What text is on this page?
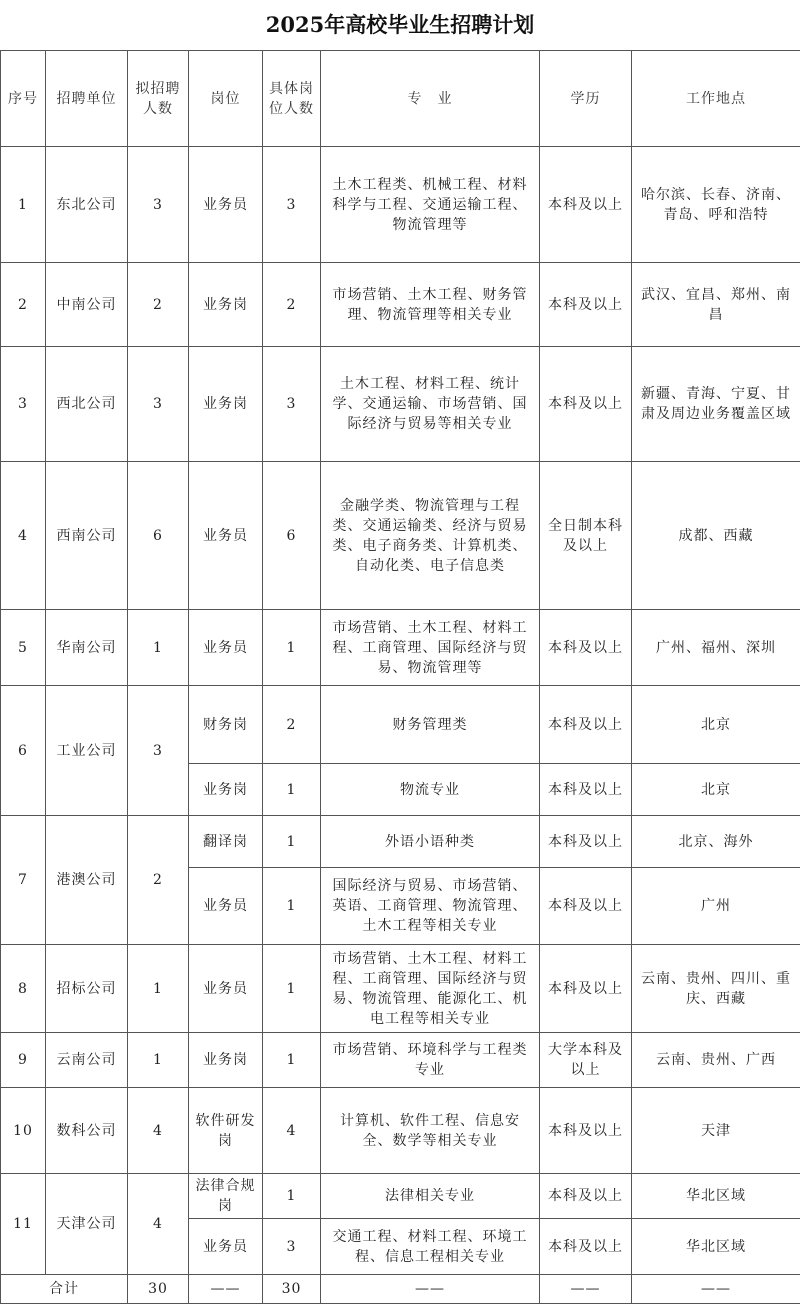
2025年高校毕业生招聘计划
序号	招聘单位	拟招聘人数	岗位	具体岗位人数	专　业	学历	工作地点
1	东北公司	3	业务员	3	土木工程类、机械工程、材料科学与工程、交通运输工程、物流管理等	本科及以上	哈尔滨、长春、济南、青岛、呼和浩特
2	中南公司	2	业务岗	2	市场营销、土木工程、财务管理、物流管理等相关专业	本科及以上	武汉、宜昌、郑州、南昌
3	西北公司	3	业务岗	3	土木工程、材料工程、统计学、交通运输、市场营销、国际经济与贸易等相关专业	本科及以上	新疆、青海、宁夏、甘肃及周边业务覆盖区域
4	西南公司	6	业务员	6	金融学类、物流管理与工程类、交通运输类、经济与贸易类、电子商务类、计算机类、自动化类、电子信息类	全日制本科及以上	成都、西藏
5	华南公司	1	业务员	1	市场营销、土木工程、材料工程、工商管理、国际经济与贸易、物流管理等	本科及以上	广州、福州、深圳
6	工业公司	3	财务岗	2	财务管理类	本科及以上	北京
			业务岗	1	物流专业	本科及以上	北京
7	港澳公司	2	翻译岗	1	外语小语种类	本科及以上	北京、海外
			业务员	1	国际经济与贸易、市场营销、英语、工商管理、物流管理、土木工程等相关专业	本科及以上	广州
8	招标公司	1	业务员	1	市场营销、土木工程、材料工程、工商管理、国际经济与贸易、物流管理、能源化工、机电工程等相关专业	本科及以上	云南、贵州、四川、重庆、西藏
9	云南公司	1	业务岗	1	市场营销、环境科学与工程类专业	大学本科及以上	云南、贵州、广西
10	数科公司	4	软件研发岗	4	计算机、软件工程、信息安全、数学等相关专业	本科及以上	天津
11	天津公司	4	法律合规岗	1	法律相关专业	本科及以上	华北区域
			业务员	3	交通工程、材料工程、环境工程、信息工程相关专业	本科及以上	华北区域
合计		30	——	30	——	——	——
